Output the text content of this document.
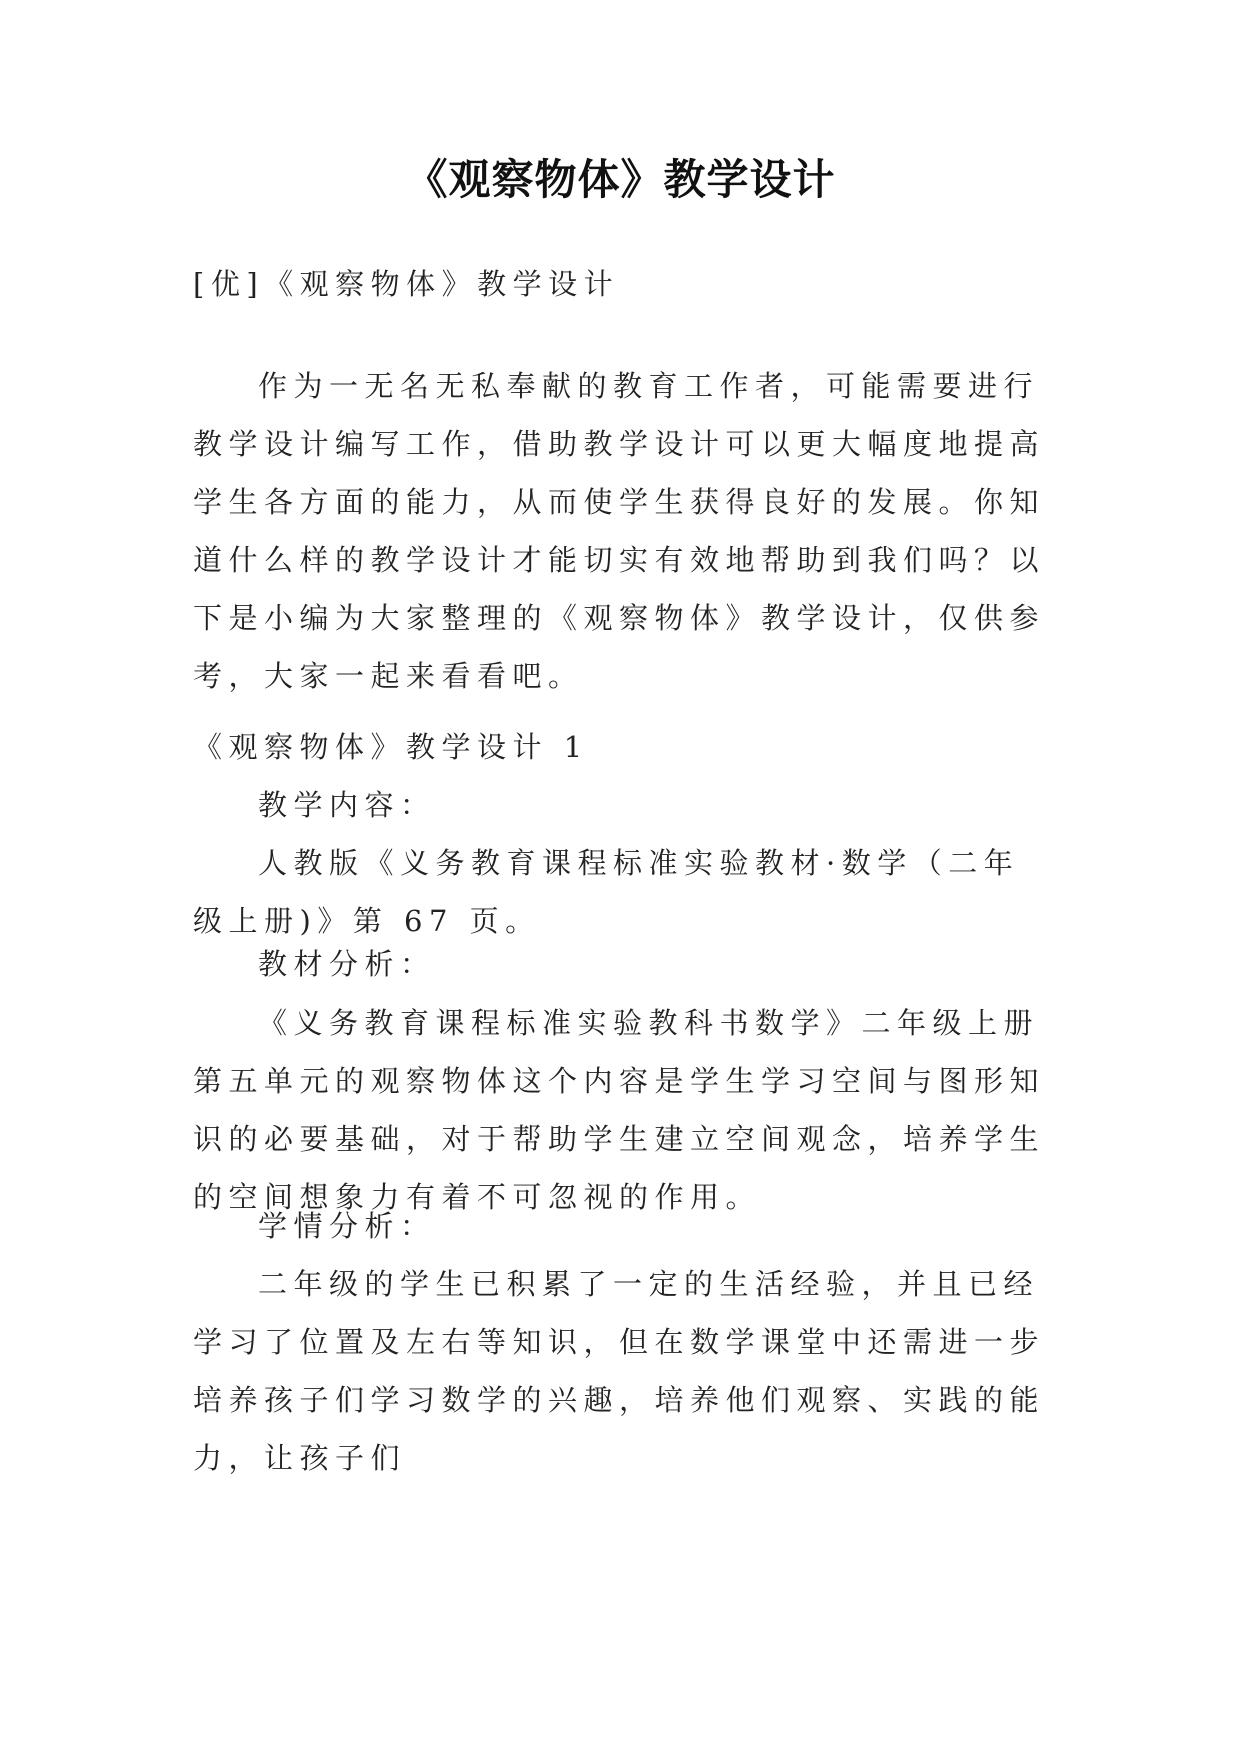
《观察物体》教学设计

[优]《观察物体》教学设计

作为一无名无私奉献的教育工作者，可能需要进行教学设计编写工作，借助教学设计可以更大幅度地提高学生各方面的能力，从而使学生获得良好的发展。你知道什么样的教学设计才能切实有效地帮助到我们吗？以下是小编为大家整理的《观察物体》教学设计，仅供参考，大家一起来看看吧。

《观察物体》教学设计 1

教学内容：

人教版《义务教育课程标准实验教材·数学（二年级上册)》第 67 页。

教材分析：

《义务教育课程标准实验教科书数学》二年级上册第五单元的观察物体这个内容是学生学习空间与图形知识的必要基础，对于帮助学生建立空间观念，培养学生的空间想象力有着不可忽视的作用。

学情分析：

二年级的学生已积累了一定的生活经验，并且已经学习了位置及左右等知识，但在数学课堂中还需进一步培养孩子们学习数学的兴趣，培养他们观察、实践的能力，让孩子们
